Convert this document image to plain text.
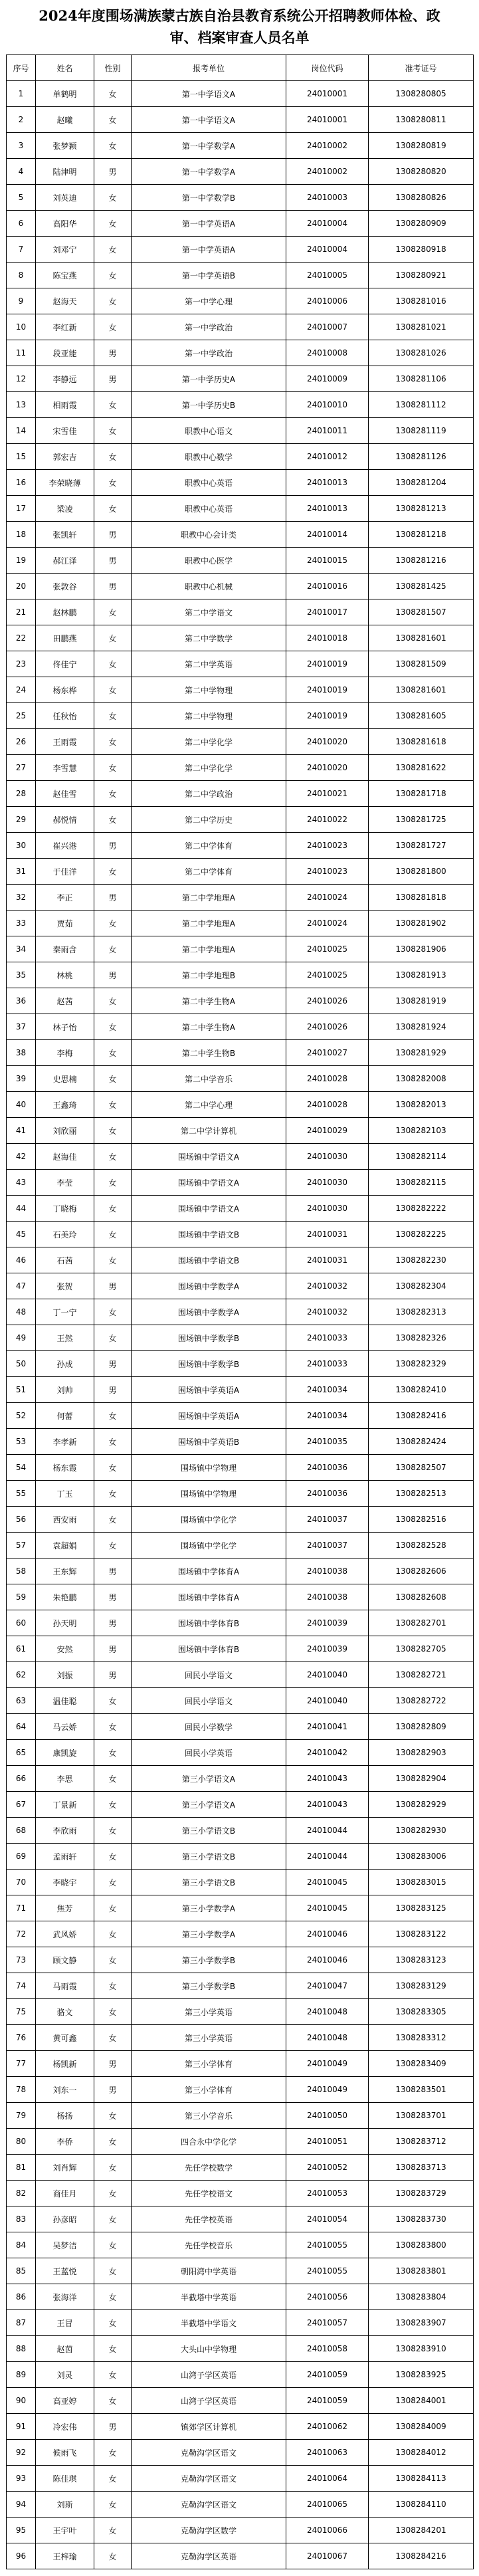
2024年度围场满族蒙古族自治县教育系统公开招聘教师体检、政审、档案审查人员名单
序号	姓名	性别	报考单位	岗位代码	准考证号
1	单鹤明	女	第一中学语文A	24010001	1308280805
2	赵曦	女	第一中学语文A	24010001	1308280811
3	张梦颖	女	第一中学数学A	24010002	1308280819
4	陆津明	男	第一中学数学A	24010002	1308280820
5	刘英迪	女	第一中学数学B	24010003	1308280826
6	高阳华	女	第一中学英语A	24010004	1308280909
7	刘邓宁	女	第一中学英语A	24010004	1308280918
8	陈宝燕	女	第一中学英语B	24010005	1308280921
9	赵海天	女	第一中学心理	24010006	1308281016
10	李红新	女	第一中学政治	24010007	1308281021
11	段亚能	男	第一中学政治	24010008	1308281026
12	李静远	男	第一中学历史A	24010009	1308281106
13	相雨霞	女	第一中学历史B	24010010	1308281112
14	宋雪佳	女	职教中心语文	24010011	1308281119
15	郭宏吉	女	职教中心数学	24010012	1308281126
16	李荣晓薄	女	职教中心英语	24010013	1308281204
17	梁凌	女	职教中心英语	24010013	1308281213
18	张凯轩	男	职教中心会计类	24010014	1308281218
19	郝江泽	男	职教中心医学	24010015	1308281216
20	张敦谷	男	职教中心机械	24010016	1308281425
21	赵林鹏	女	第二中学语文	24010017	1308281507
22	田鹏燕	女	第二中学数学	24010018	1308281601
23	佟佳宁	女	第二中学英语	24010019	1308281509
24	杨东桦	女	第二中学物理	24010019	1308281601
25	任秋怡	女	第二中学物理	24010019	1308281605
26	王雨霞	女	第二中学化学	24010020	1308281618
27	李雪慧	女	第二中学化学	24010020	1308281622
28	赵佳雪	女	第二中学政治	24010021	1308281718
29	郝悦情	女	第二中学历史	24010022	1308281725
30	崔兴港	男	第二中学体育	24010023	1308281727
31	于佳洋	女	第二中学体育	24010023	1308281800
32	李正	男	第二中学地理A	24010024	1308281818
33	贾茹	女	第二中学地理A	24010024	1308281902
34	秦雨含	女	第二中学地理A	24010025	1308281906
35	林桃	男	第二中学地理B	24010025	1308281913
36	赵茜	女	第二中学生物A	24010026	1308281919
37	林子怡	女	第二中学生物A	24010026	1308281924
38	李梅	女	第二中学生物B	24010027	1308281929
39	史思楠	女	第二中学音乐	24010028	1308282008
40	王鑫琦	女	第二中学心理	24010028	1308282013
41	刘欣丽	女	第二中学计算机	24010029	1308282103
42	赵海佳	女	围场镇中学语文A	24010030	1308282114
43	李莹	女	围场镇中学语文A	24010030	1308282115
44	丁晓梅	女	围场镇中学语文A	24010030	1308282222
45	石美玲	女	围场镇中学语文B	24010031	1308282225
46	石茜	女	围场镇中学语文B	24010031	1308282230
47	张贺	男	围场镇中学数学A	24010032	1308282304
48	丁一宁	女	围场镇中学数学A	24010032	1308282313
49	王然	女	围场镇中学数学B	24010033	1308282326
50	孙成	男	围场镇中学数学B	24010033	1308282329
51	刘帅	男	围场镇中学英语A	24010034	1308282410
52	何蕾	女	围场镇中学英语A	24010034	1308282416
53	李孝新	女	围场镇中学英语B	24010035	1308282424
54	杨东霞	女	围场镇中学物理	24010036	1308282507
55	丁玉	女	围场镇中学物理	24010036	1308282513
56	西安雨	女	围场镇中学化学	24010037	1308282516
57	袁超娟	女	围场镇中学化学	24010037	1308282528
58	王东辉	男	围场镇中学体育A	24010038	1308282606
59	朱艳鹏	男	围场镇中学体育A	24010038	1308282608
60	孙天明	男	围场镇中学体育B	24010039	1308282701
61	安然	男	围场镇中学体育B	24010039	1308282705
62	刘振	男	回民小学语文	24010040	1308282721
63	温佳聪	女	回民小学语文	24010040	1308282722
64	马云娇	女	回民小学数学	24010041	1308282809
65	康凯旋	女	回民小学英语	24010042	1308282903
66	李思	女	第三小学语文A	24010043	1308282904
67	丁景新	女	第三小学语文A	24010043	1308282929
68	李欣雨	女	第三小学语文B	24010044	1308282930
69	孟雨轩	女	第三小学语文B	24010044	1308283006
70	李晓宇	女	第三小学语文B	24010045	1308283015
71	焦芳	女	第三小学数学A	24010045	1308283125
72	武风娇	女	第三小学数学A	24010046	1308283122
73	顾文静	女	第三小学数学B	24010046	1308283123
74	马雨霞	女	第三小学数学B	24010047	1308283129
75	骆文	女	第三小学英语	24010048	1308283305
76	黄可鑫	女	第三小学英语	24010048	1308283312
77	杨凯新	男	第三小学体育	24010049	1308283409
78	刘东一	男	第三小学体育	24010049	1308283501
79	杨扬	女	第三小学音乐	24010050	1308283701
80	李侨	女	四合永中学化学	24010051	1308283712
81	刘肖辉	女	先任学校数学	24010052	1308283713
82	商佳月	女	先任学校语文	24010053	1308283729
83	孙彦昭	女	先任学校英语	24010054	1308283730
84	吴梦洁	女	先任学校音乐	24010055	1308283800
85	王蓝悦	女	朝阳湾中学英语	24010055	1308283801
86	张海洋	女	半截塔中学英语	24010056	1308283804
87	王冒	女	半截塔中学语文	24010057	1308283907
88	赵茵	女	大头山中学物理	24010058	1308283910
89	刘灵	女	山湾子学区英语	24010059	1308283925
90	高亚婷	女	山湾子学区英语	24010059	1308284001
91	冷宏伟	男	镇郊学区计算机	24010062	1308284009
92	候雨飞	女	克勒沟学区语文	24010063	1308284012
93	陈佳琪	女	克勒沟学区语文	24010064	1308284113
94	刘斯	女	克勒沟学区语文	24010065	1308284110
95	王宇叶	女	克勒沟学区数学	24010066	1308284201
96	王梓瑜	女	克勒沟学区英语	24010067	1308284216
